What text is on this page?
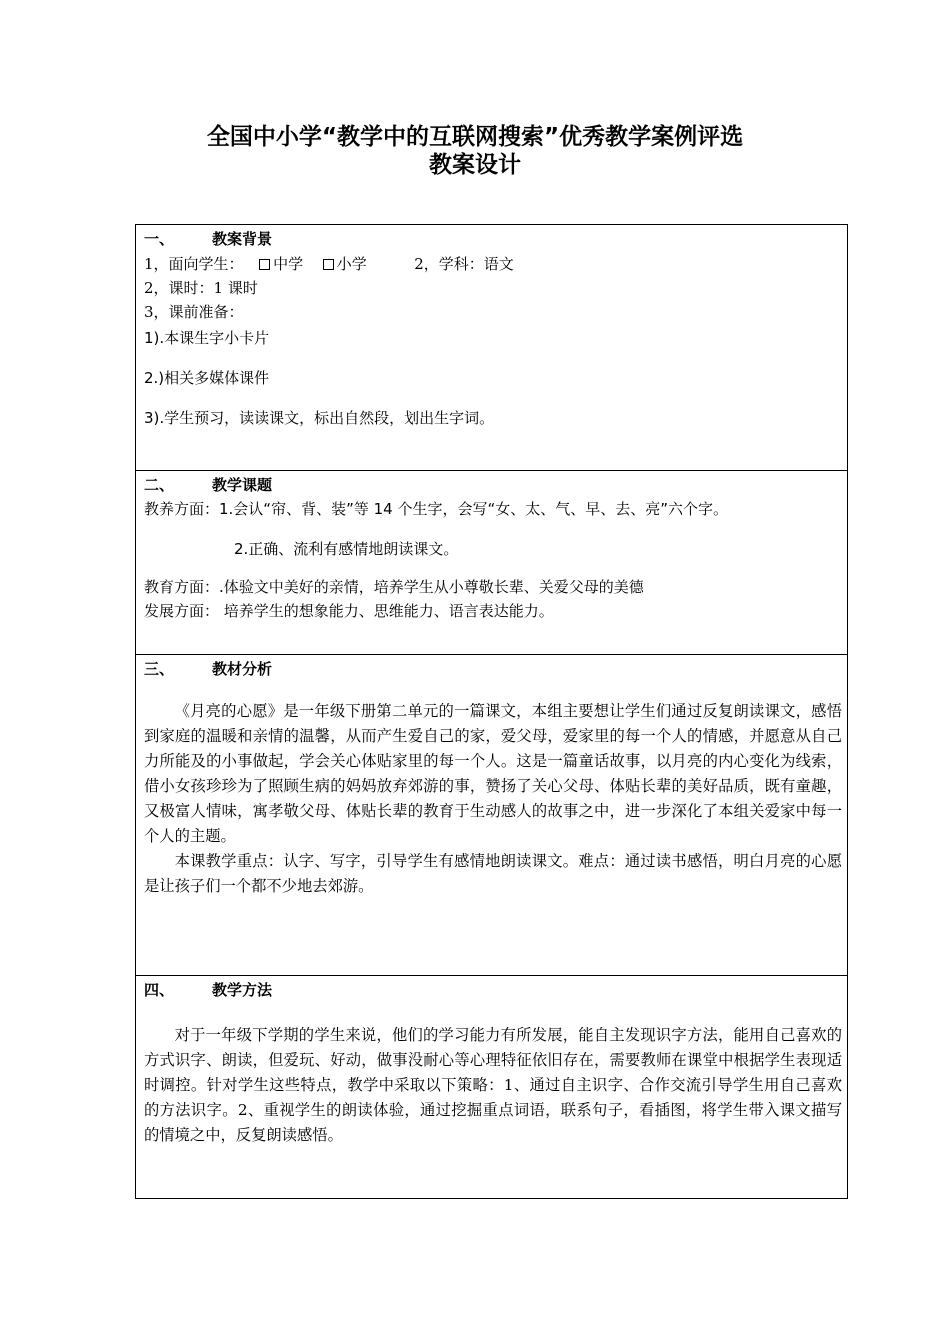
全国中小学“教学中的互联网搜索”优秀教学案例评选
教案设计
一、	教案背景
1，面向学生： 中学 小学	2，学科：语文
2，课时：1 课时
3，课前准备：
1).本课生字小卡片
2.)相关多媒体课件
3).学生预习，读读课文，标出自然段，划出生字词。
二、	教学课题
教养方面：1.会认“帘、背、装”等 14 个生字，会写“女、太、气、早、去、亮”六个字。
2.正确、流利有感情地朗读课文。
教育方面：.体验文中美好的亲情，培养学生从小尊敬长辈、关爱父母的美德
发展方面： 培养学生的想象能力、思维能力、语言表达能力。
三、	教材分析
《月亮的心愿》是一年级下册第二单元的一篇课文，本组主要想让学生们通过反复朗读课文，感悟到家庭的温暖和亲情的温馨，从而产生爱自己的家，爱父母，爱家里的每一个人的情感，并愿意从自己力所能及的小事做起，学会关心体贴家里的每一个人。这是一篇童话故事，以月亮的内心变化为线索，借小女孩珍珍为了照顾生病的妈妈放弃郊游的事，赞扬了关心父母、体贴长辈的美好品质，既有童趣，又极富人情味，寓孝敬父母、体贴长辈的教育于生动感人的故事之中，进一步深化了本组关爱家中每一个人的主题。
本课教学重点：认字、写字，引导学生有感情地朗读课文。难点：通过读书感悟，明白月亮的心愿是让孩子们一个都不少地去郊游。
四、	教学方法
对于一年级下学期的学生来说，他们的学习能力有所发展，能自主发现识字方法，能用自己喜欢的方式识字、朗读，但爱玩、好动，做事没耐心等心理特征依旧存在，需要教师在课堂中根据学生表现适时调控。针对学生这些特点，教学中采取以下策略：1、通过自主识字、合作交流引导学生用自己喜欢的方法识字。2、重视学生的朗读体验，通过挖掘重点词语，联系句子，看插图，将学生带入课文描写的情境之中，反复朗读感悟。
